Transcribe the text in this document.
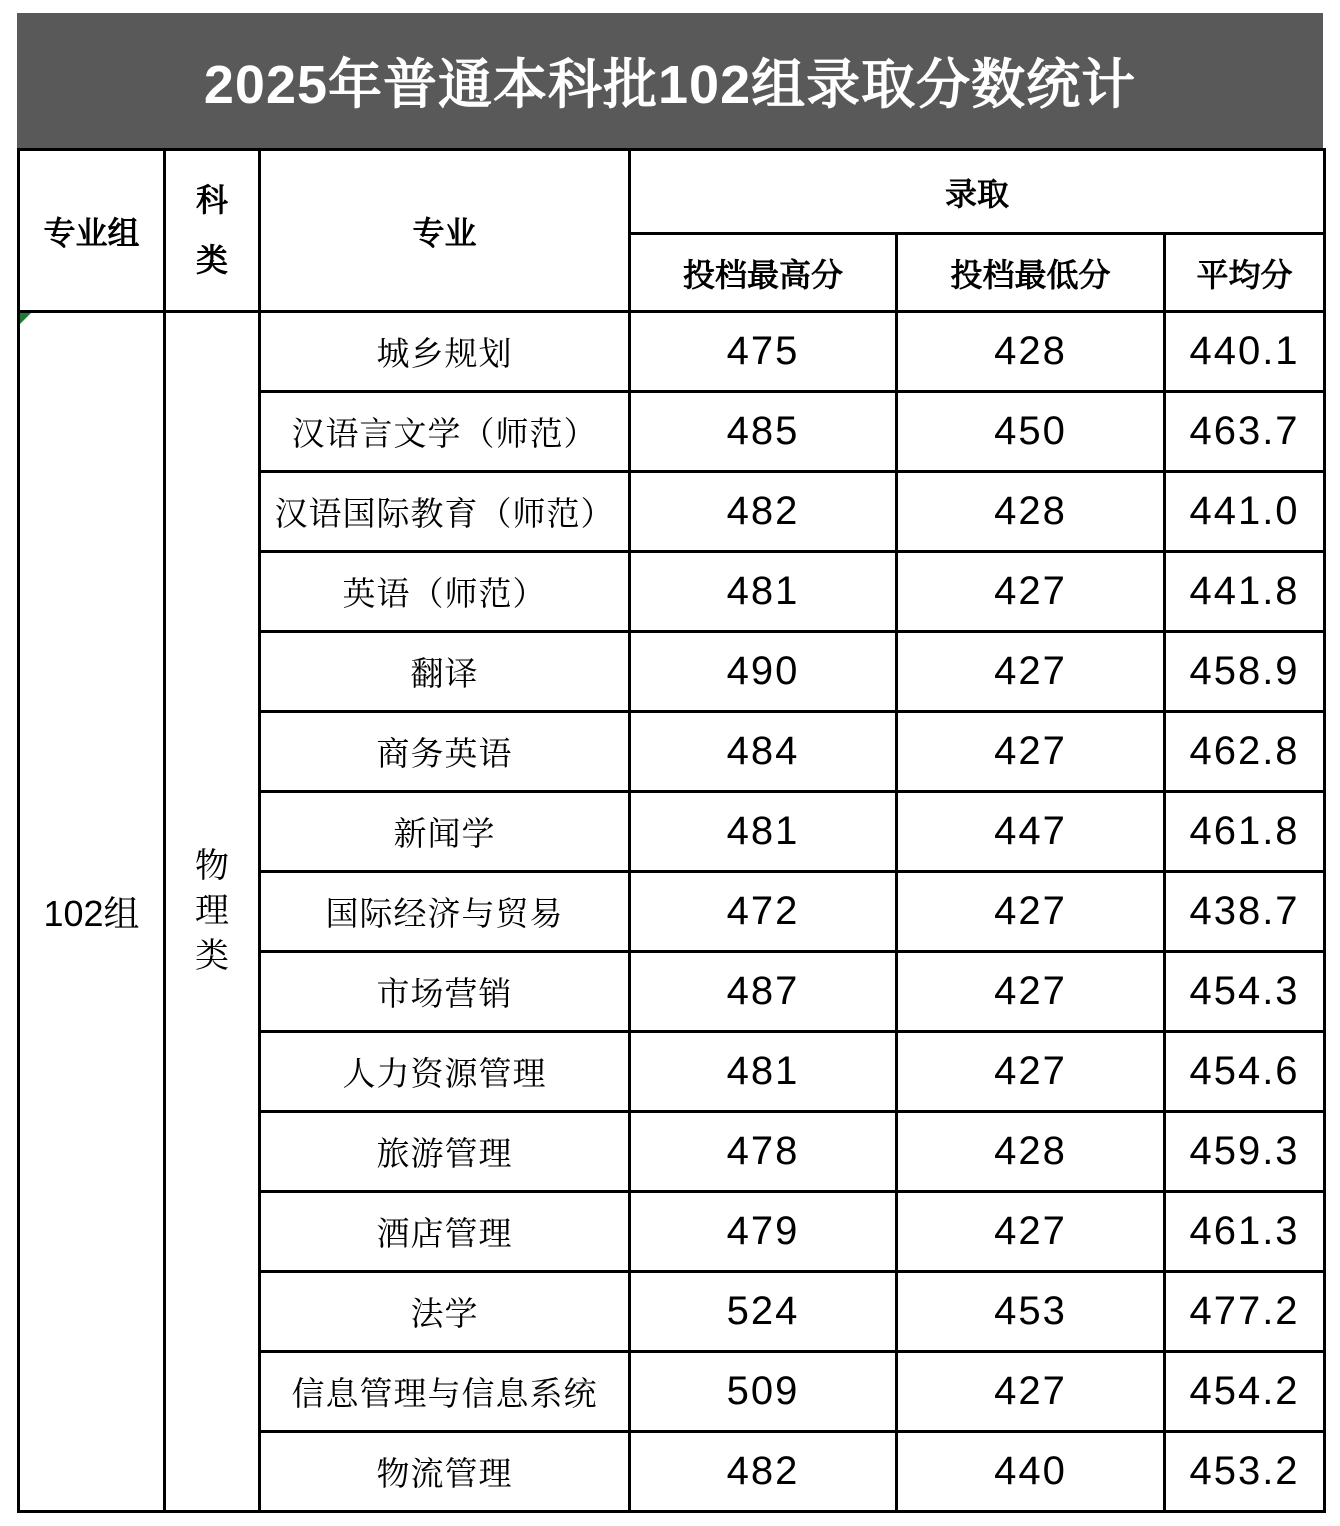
2025年普通本科批102组录取分数统计
专业组	科类	专业	录取		
			投档最高分	投档最低分	平均分

102组	物理类	城乡规划	475	428	440.1
		汉语言文学（师范）	485	450	463.7
		汉语国际教育（师范）	482	428	441.0
		英语（师范）	481	427	441.8
		翻译	490	427	458.9
		商务英语	484	427	462.8
		新闻学	481	447	461.8
		国际经济与贸易	472	427	438.7
		市场营销	487	427	454.3
		人力资源管理	481	427	454.6
		旅游管理	478	428	459.3
		酒店管理	479	427	461.3
		法学	524	453	477.2
		信息管理与信息系统	509	427	454.2
		物流管理	482	440	453.2
